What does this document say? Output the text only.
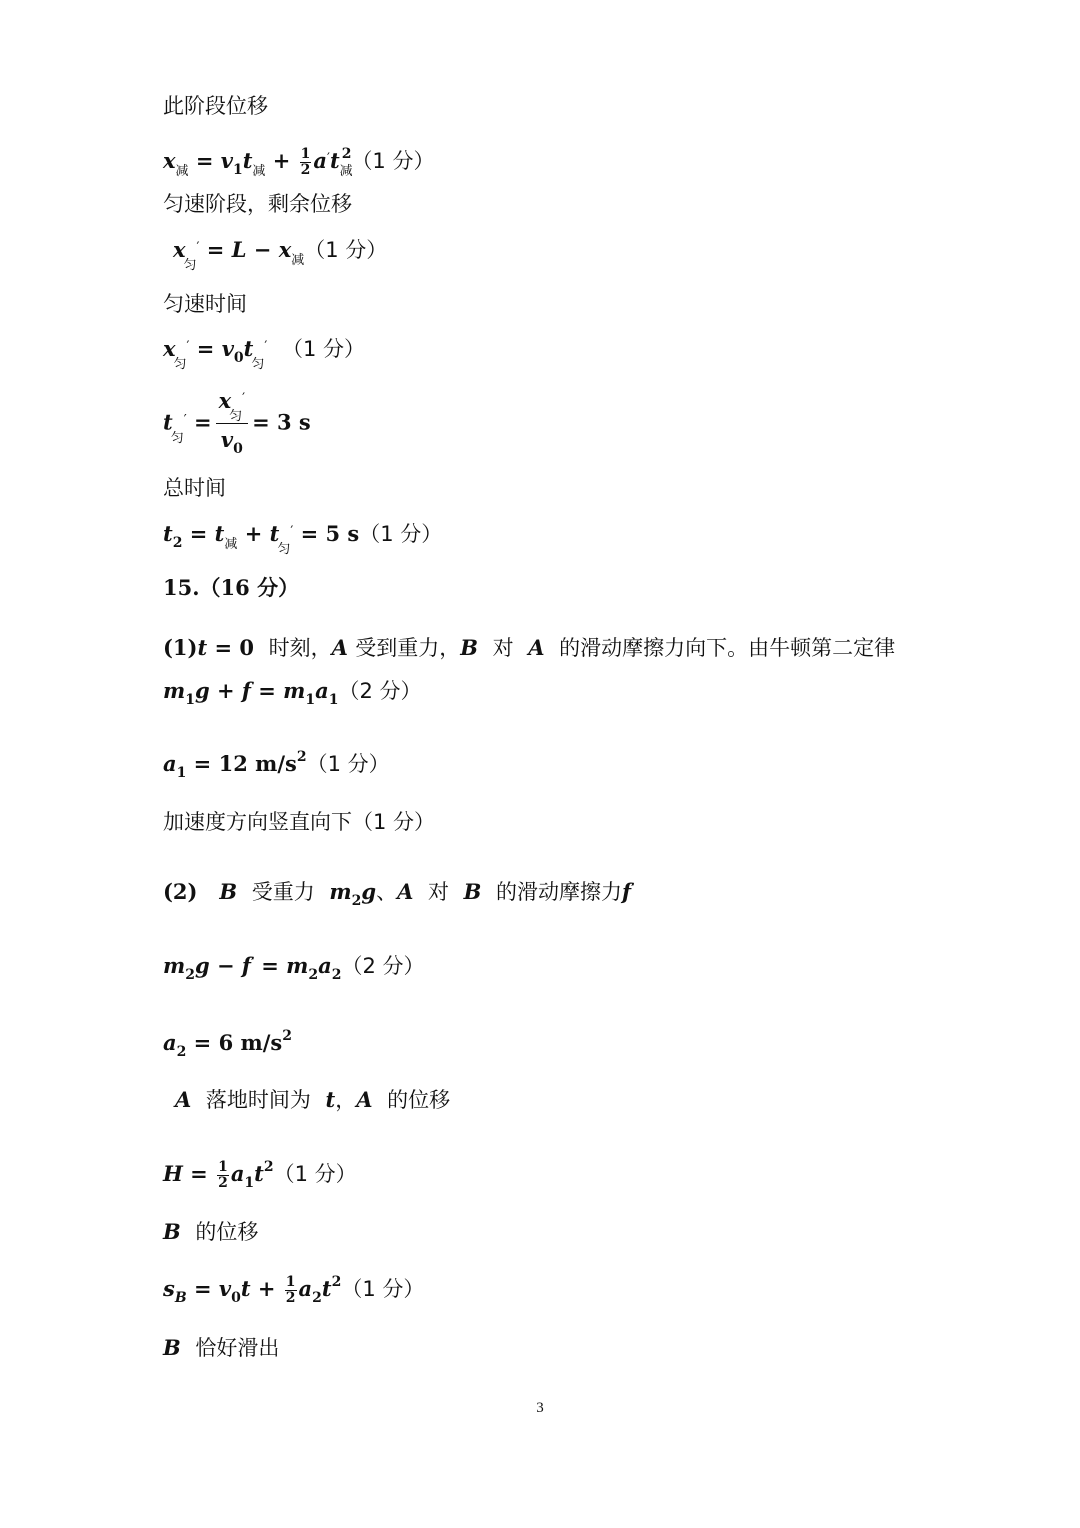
此阶段位移
$x_减 = v_1t_减 + \frac{1}{2} a't_减^2(1$ 分）
匀速阶段，剩余位移
$x_匀' = L - x_减(1$ 分）
匀速时间
$x_匀' = v_0t_匀'$ （1 分）
$t_匀'$ =
$x_匀'$
$v_0$
= 3 s
总时间
$t_2 = t_减 + t_匀' = 5$ s（1 分）
15.（16 分）
(1)t = 0  时刻，A 受到重力，B 对 A 的滑动摩擦力向下。由牛顿第二定律
$m_1g + f = m_1a_1(2$ 分）
$a_1 = 12$ $m/s^2(1$ 分）
加速度方向竖直向下（1 分）
(2) B 受重力 $m_2g$、A 对 B 的滑动摩擦力f′
$m_2g - f' = m_2a_2(2$ 分）
$a_2 = 6$ $m/s^2$
A 落地时间为 t，A 的位移
$H = \frac{1}{2} a_1t^2(1$ 分）
B 的位移
$s_B = v_0t + \frac{1}{2} a_2t^2(1$ 分）
B 恰好滑出
3
